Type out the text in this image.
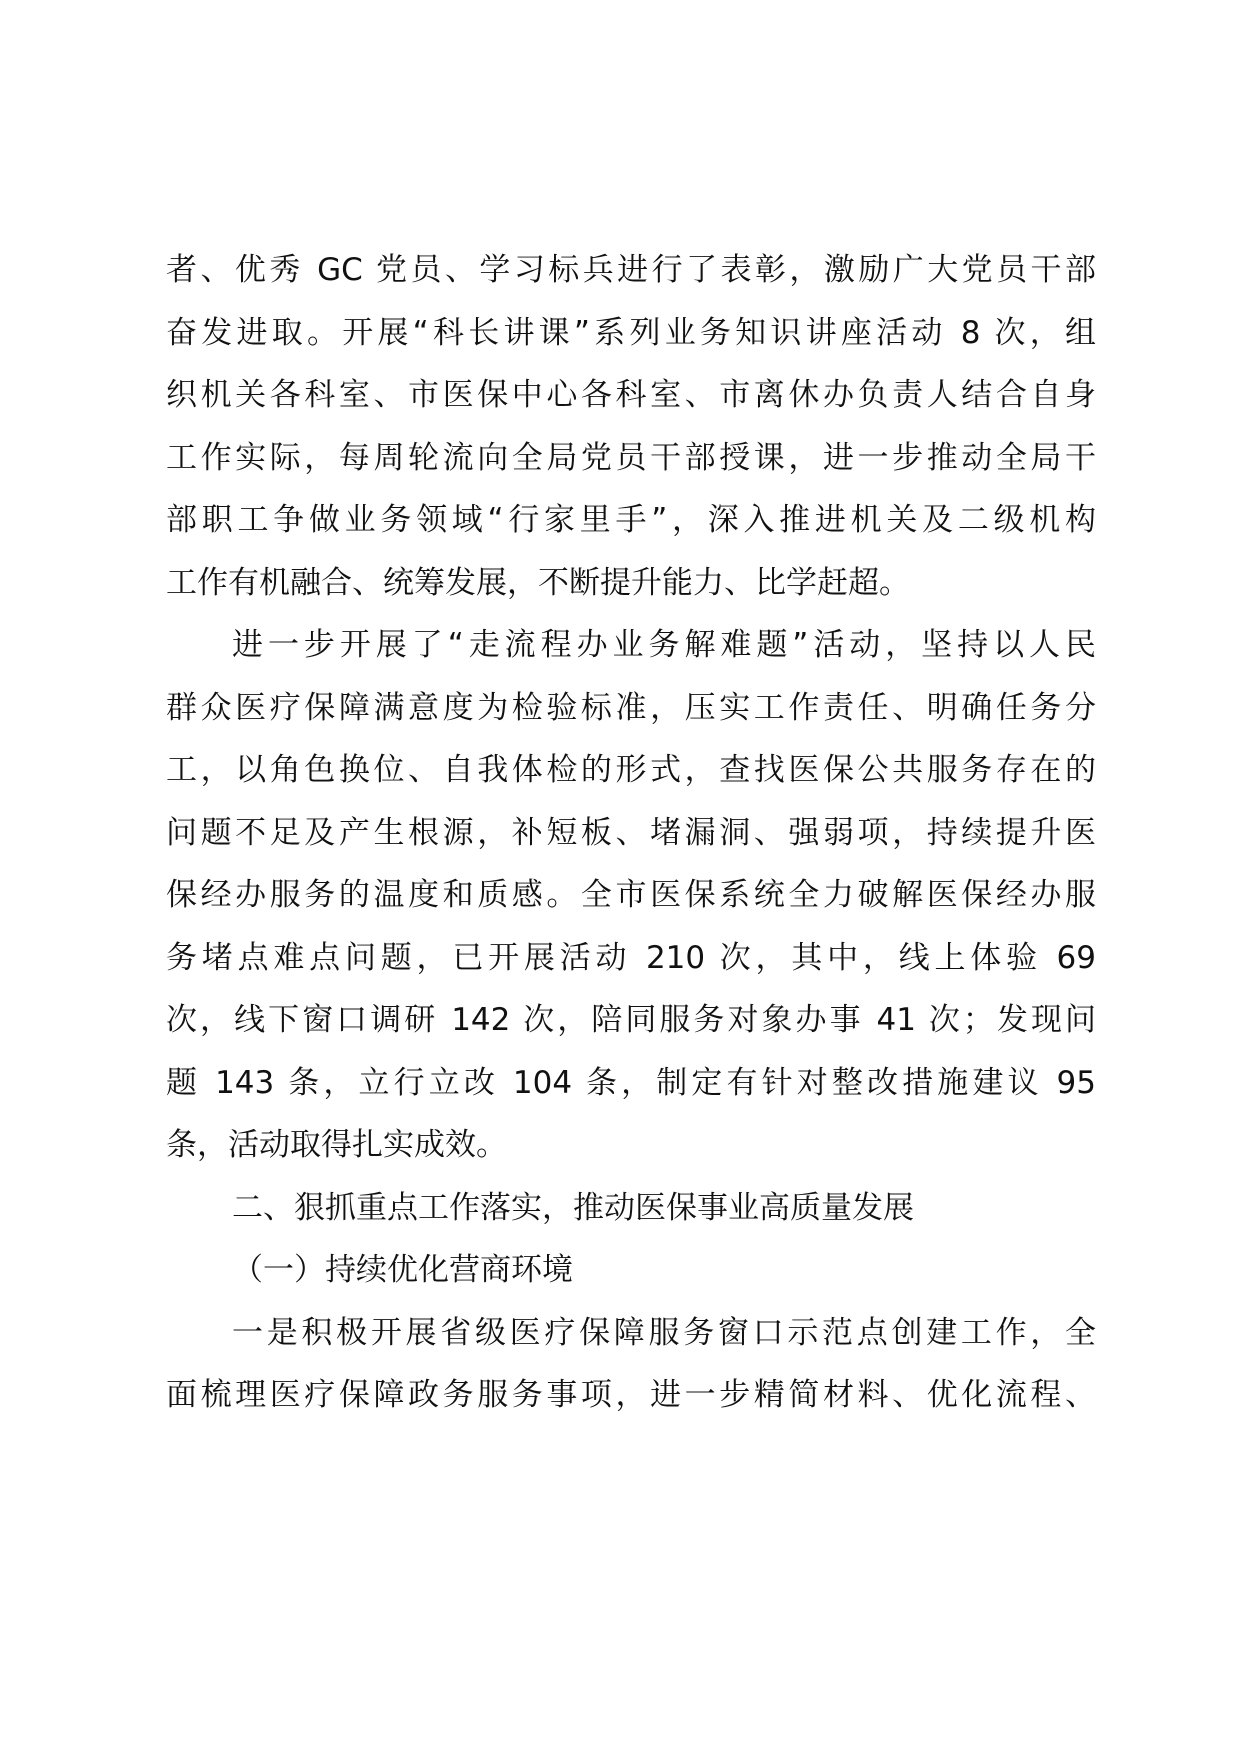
者、优秀 GC 党员、学习标兵进行了表彰，激励广大党员干部
奋发进取。开展“科长讲课”系列业务知识讲座活动 8 次，组
织机关各科室、市医保中心各科室、市离休办负责人结合自身
工作实际，每周轮流向全局党员干部授课，进一步推动全局干
部职工争做业务领域“行家里手”，深入推进机关及二级机构
工作有机融合、统筹发展，不断提升能力、比学赶超。
进一步开展了“走流程办业务解难题”活动，坚持以人民
群众医疗保障满意度为检验标准，压实工作责任、明确任务分
工，以角色换位、自我体检的形式，查找医保公共服务存在的
问题不足及产生根源，补短板、堵漏洞、强弱项，持续提升医
保经办服务的温度和质感。全市医保系统全力破解医保经办服
务堵点难点问题，已开展活动 210 次，其中，线上体验 69
次，线下窗口调研 142 次，陪同服务对象办事 41 次；发现问
题 143 条，立行立改 104 条，制定有针对整改措施建议 95
条，活动取得扎实成效。
二、狠抓重点工作落实，推动医保事业高质量发展
（一）持续优化营商环境
一是积极开展省级医疗保障服务窗口示范点创建工作，全
面梳理医疗保障政务服务事项，进一步精简材料、优化流程、
